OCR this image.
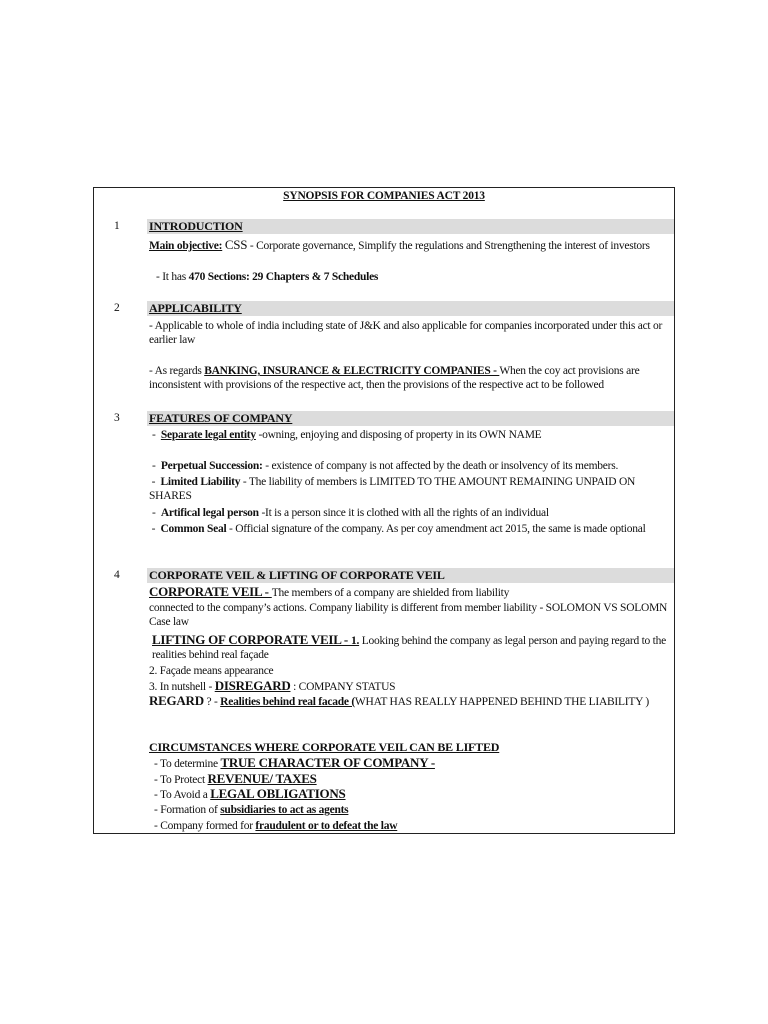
SYNOPSIS FOR COMPANIES ACT 2013
1	INTRODUCTION
Main objective: CSS - Corporate governance, Simplify the regulations and Strengthening the interest of investors
- It has 470 Sections: 29 Chapters & 7 Schedules
2	APPLICABILITY
- Applicable to whole of india including state of J&K and also applicable for companies incorporated under this act or earlier law
- As regards BANKING, INSURANCE & ELECTRICITY COMPANIES - When the coy act provisions are inconsistent with provisions of the respective act, then the provisions of the respective act to be followed
3	FEATURES OF COMPANY
- Separate legal entity -owning, enjoying and disposing of property in its OWN NAME
- Perpetual Succession: - existence of company is not affected by the death or insolvency of its members.
- Limited Liability - The liability of members is LIMITED TO THE AMOUNT REMAINING UNPAID ON SHARES
- Artifical legal person -It is a person since it is clothed with all the rights of an individual
- Common Seal - Official signature of the company. As per coy amendment act 2015, the same is made optional
4	CORPORATE VEIL & LIFTING OF CORPORATE VEIL
CORPORATE VEIL - The members of a company are shielded from liability
connected to the company’s actions. Company liability is different from member liability - SOLOMON VS SOLOMN Case law
LIFTING OF CORPORATE VEIL - 1. Looking behind the company as legal person and paying regard to the realities behind real façade
2. Façade means appearance
3. In nutshell - DISREGARD : COMPANY STATUS
REGARD ? - Realities behind real facade (WHAT HAS REALLY HAPPENED BEHIND THE LIABILITY )
CIRCUMSTANCES WHERE CORPORATE VEIL CAN BE LIFTED
- To determine TRUE CHARACTER OF COMPANY -
- To Protect REVENUE/ TAXES
- To Avoid a LEGAL OBLIGATIONS
- Formation of subsidiaries to act as agents
- Company formed for fraudulent or to defeat the law
